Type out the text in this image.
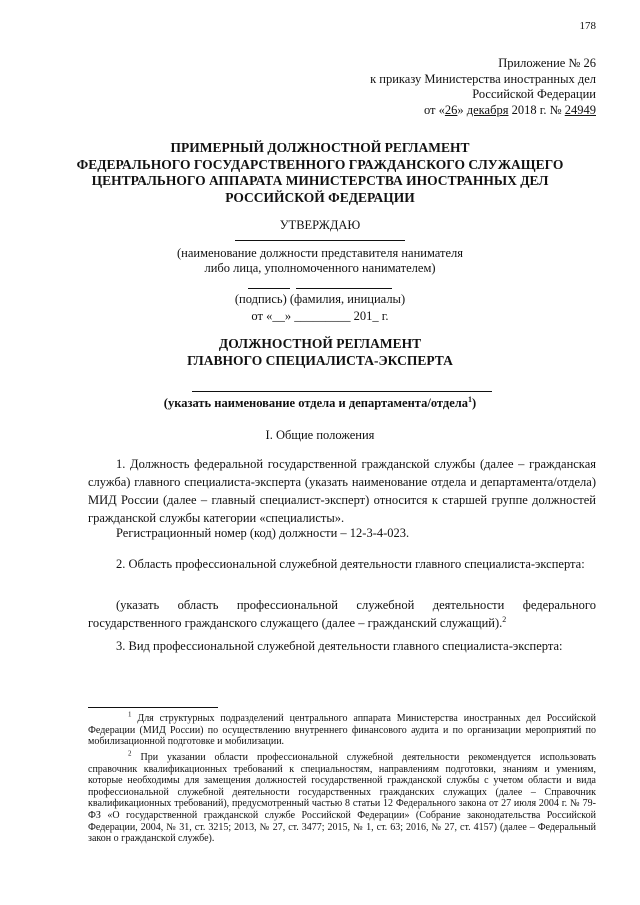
178
Приложение № 26
к приказу Министерства иностранных дел
Российской Федерации
от «26» декабря 2018 г. № 24949
ПРИМЕРНЫЙ ДОЛЖНОСТНОЙ РЕГЛАМЕНТ
ФЕДЕРАЛЬНОГО ГОСУДАРСТВЕННОГО ГРАЖДАНСКОГО СЛУЖАЩЕГО
ЦЕНТРАЛЬНОГО АППАРАТА МИНИСТЕРСТВА ИНОСТРАННЫХ ДЕЛ
РОССИЙСКОЙ ФЕДЕРАЦИИ
УТВЕРЖДАЮ
(наименование должности представителя нанимателя
либо лица, уполномоченного нанимателем)

(подпись) (фамилия, инициалы)
от «__» _________ 201_ г.
ДОЛЖНОСТНОЙ РЕГЛАМЕНТ
ГЛАВНОГО СПЕЦИАЛИСТА-ЭКСПЕРТА
(указать наименование отдела и департамента/отдела$^1$)
I. Общие положения
1. Должность федеральной государственной гражданской службы (далее – гражданская служба) главного специалиста-эксперта (указать наименование отдела и департамента/отдела) МИД России (далее – главный специалист-эксперт) относится к старшей группе должностей гражданской службы категории «специалисты».
Регистрационный номер (код) должности – 12-3-4-023.
2. Область профессиональной служебной деятельности главного специалиста-эксперта:
(указать область профессиональной служебной деятельности федерального государственного гражданского служащего (далее – гражданский служащий).$^2$
3. Вид профессиональной служебной деятельности главного специалиста-эксперта:
$^1$ Для структурных подразделений центрального аппарата Министерства иностранных дел Российской Федерации (МИД России) по осуществлению внутреннего финансового аудита и по организации мероприятий по мобилизационной подготовке и мобилизации.
$^2$ При указании области профессиональной служебной деятельности рекомендуется использовать справочник квалификационных требований к специальностям, направлениям подготовки, знаниям и умениям, которые необходимы для замещения должностей государственной гражданской службы с учетом области и вида профессиональной служебной деятельности государственных гражданских служащих (далее – Справочник квалификационных требований), предусмотренный частью 8 статьи 12 Федерального закона от 27 июля 2004 г. № 79-ФЗ «О государственной гражданской службе Российской Федерации» (Собрание законодательства Российской Федерации, 2004, № 31, ст. 3215; 2013, № 27, ст. 3477; 2015, № 1, ст. 63; 2016, № 27, ст. 4157) (далее – Федеральный закон о гражданской службе).
